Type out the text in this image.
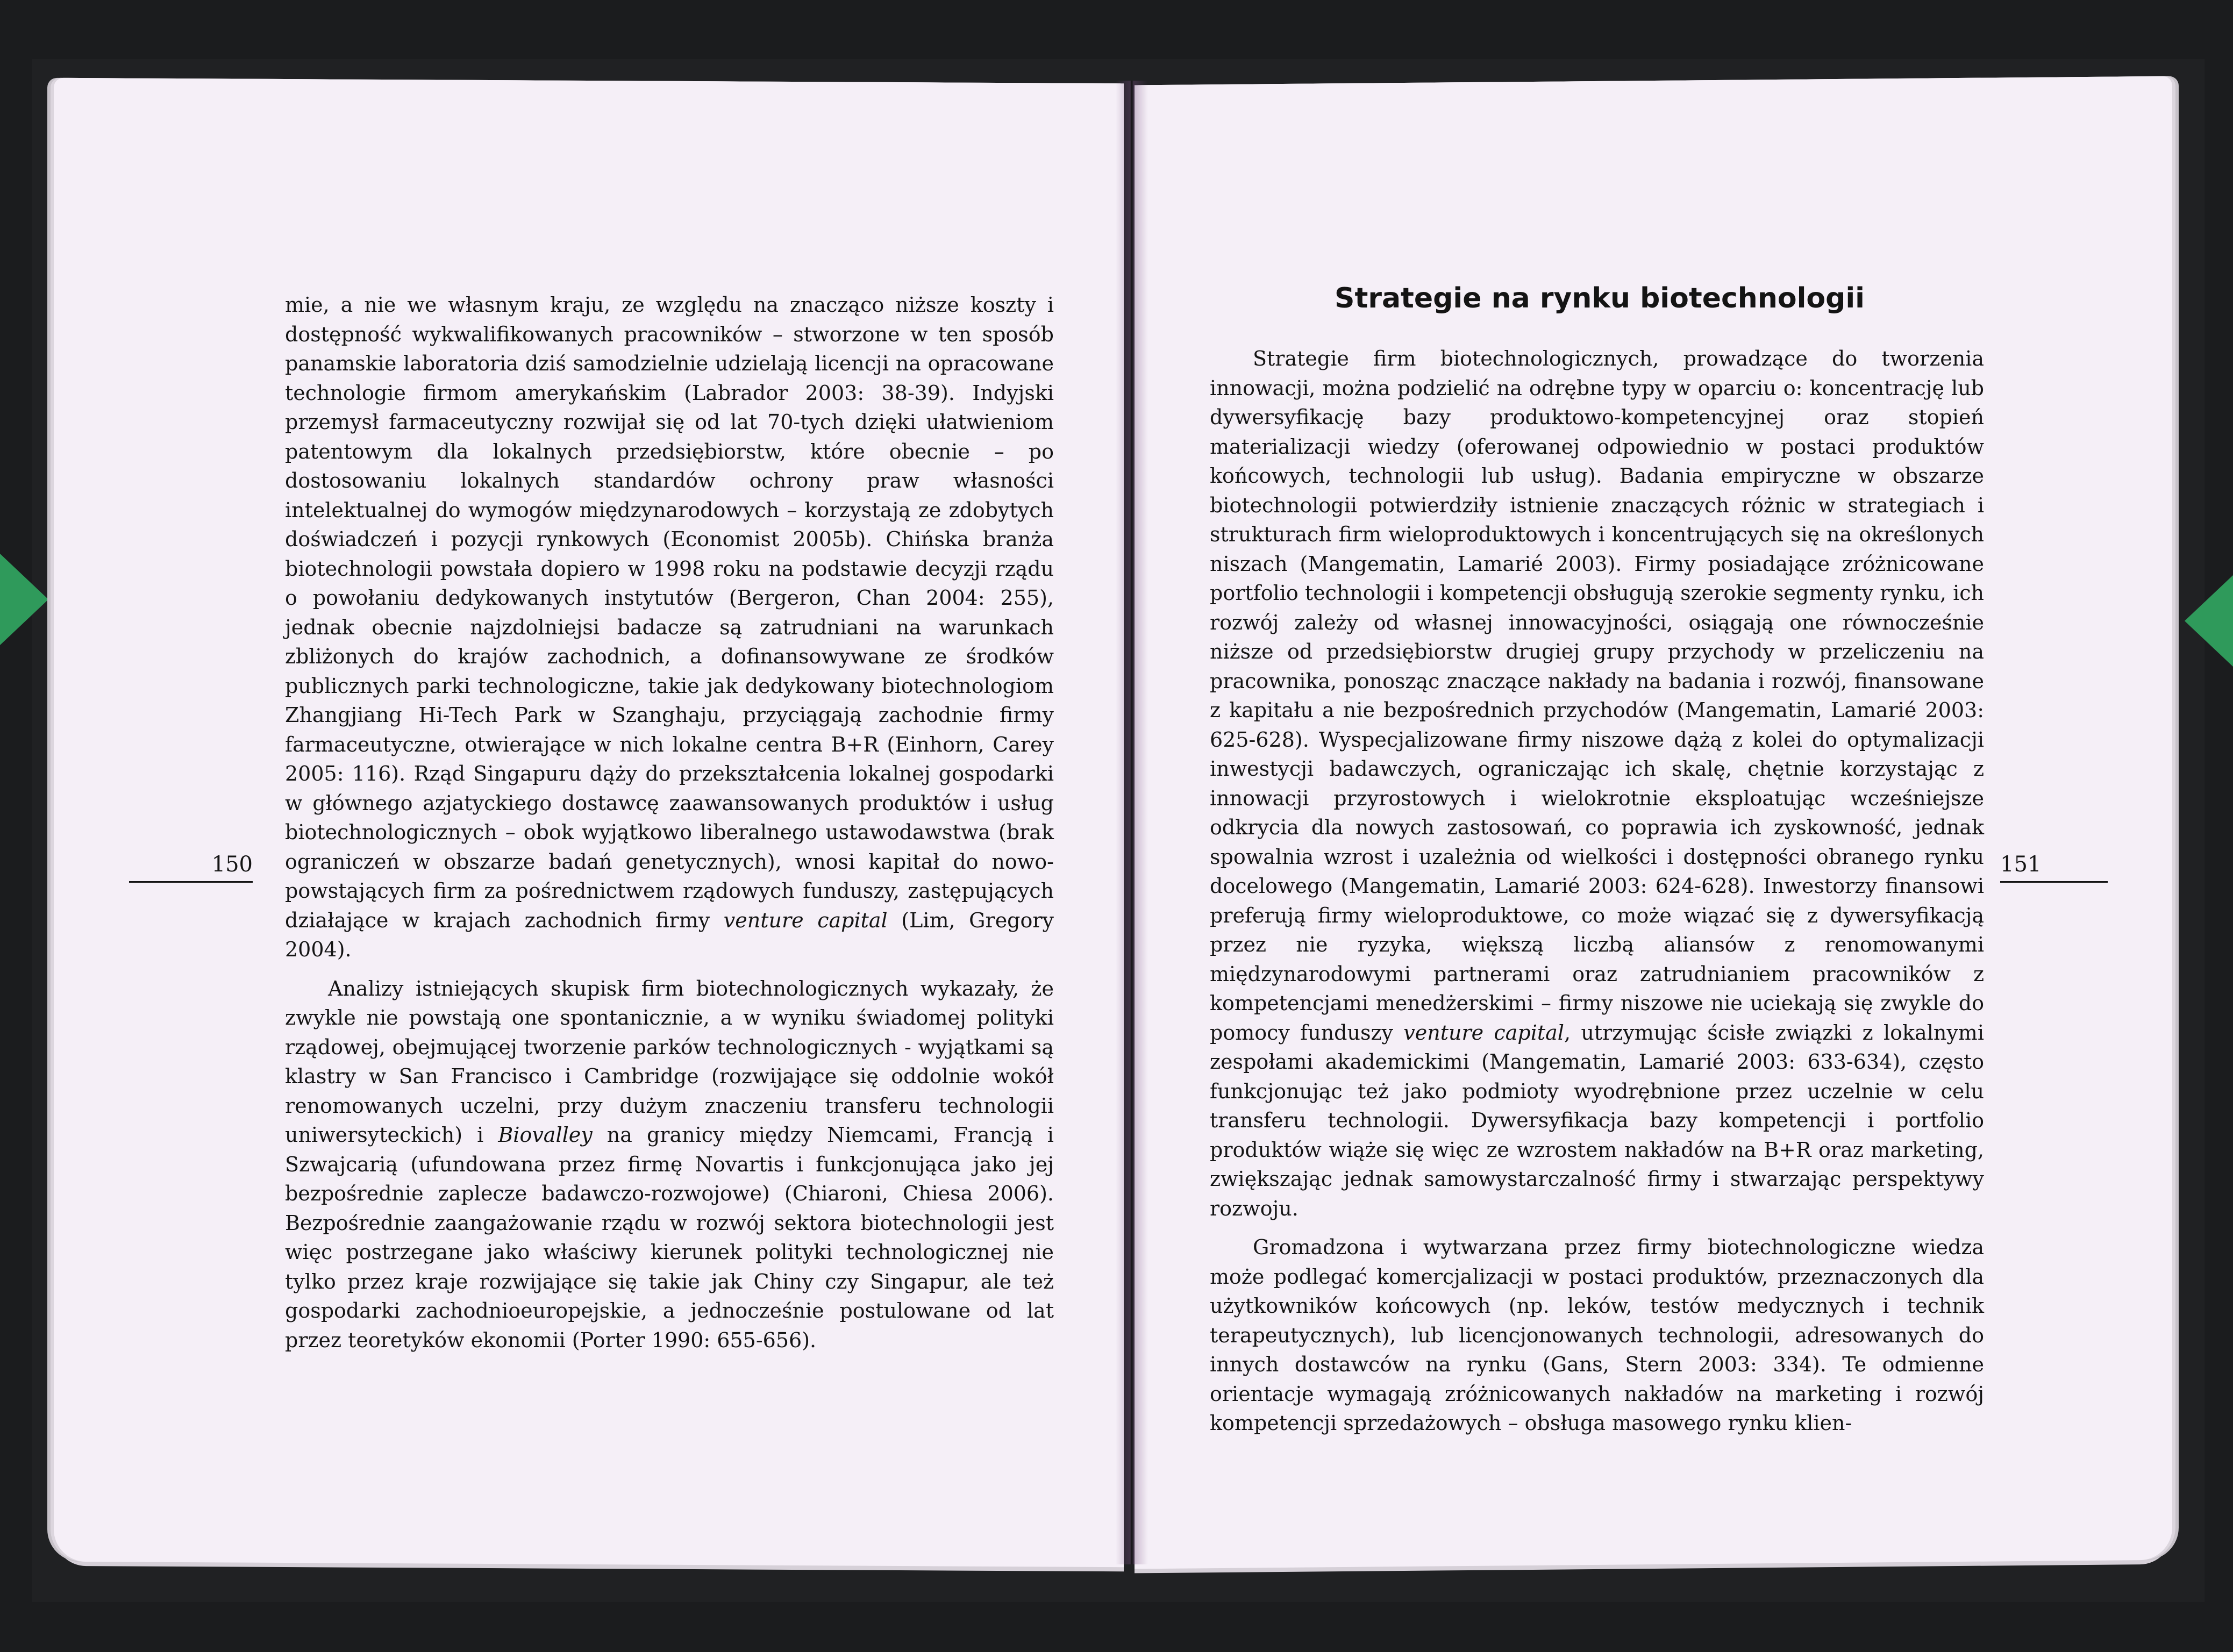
mie, a nie we własnym kraju, ze względu na znacząco niższe koszty i dostępność wykwalifikowanych pracowników – stworzone w ten sposób panamskie laboratoria dziś samodzielnie udzielają licencji na opracowane technologie firmom amerykańskim (Labrador 2003: 38-39). Indyjski przemysł farmaceutyczny rozwijał się od lat 70-tych dzięki ułatwieniom patentowym dla lokalnych przedsiębiorstw, które obecnie – po dostosowaniu lokalnych standardów ochrony praw własności intelektualnej do wymogów międzynarodowych – korzystają ze zdobytych doświadczeń i pozycji rynkowych (Economist 2005b). Chińska branża biotechnologii powstała dopiero w 1998 roku na podstawie decyzji rządu o powołaniu dedykowanych instytutów (Bergeron, Chan 2004: 255), jednak obecnie najzdolniejsi badacze są zatrudniani na warunkach zbliżonych do krajów zachodnich, a dofinansowywane ze środków publicznych parki technologiczne, takie jak dedykowany biotechnologiom Zhangjiang Hi-Tech Park w Szanghaju, przyciągają zachodnie firmy farmaceutyczne, otwierające w nich lokalne centra B+R (Einhorn, Carey 2005: 116). Rząd Singapuru dąży do przekształcenia lokalnej gospodarki w głównego azjatyckiego dostawcę zaawansowanych produktów i usług biotechnologicznych – obok wyjątkowo liberalnego ustawodawstwa (brak ograniczeń w obszarze badań genetycznych), wnosi kapitał do nowo-powstających firm za pośrednictwem rządowych funduszy, zastępujących działające w krajach zachodnich firmy venture capital (Lim, Gregory 2004).

Analizy istniejących skupisk firm biotechnologicznych wykazały, że zwykle nie powstają one spontanicznie, a w wyniku świadomej polityki rządowej, obejmującej tworzenie parków technologicznych - wyjątkami są klastry w San Francisco i Cambridge (rozwijające się oddolnie wokół renomowanych uczelni, przy dużym znaczeniu transferu technologii uniwersyteckich) i Biovalley na granicy między Niemcami, Francją i Szwajcarią (ufundowana przez firmę Novartis i funkcjonująca jako jej bezpośrednie zaplecze badawczo-rozwojowe) (Chiaroni, Chiesa 2006). Bezpośrednie zaangażowanie rządu w rozwój sektora biotechnologii jest więc postrzegane jako właściwy kierunek polityki technologicznej nie tylko przez kraje rozwijające się takie jak Chiny czy Singapur, ale też gospodarki zachodnioeuropejskie, a jednocześnie postulowane od lat przez teoretyków ekonomii (Porter 1990: 655-656).

150
Strategie na rynku biotechnologii

Strategie firm biotechnologicznych, prowadzące do tworzenia innowacji, można podzielić na odrębne typy w oparciu o: koncentrację lub dywersyfikację bazy produktowo-kompetencyjnej oraz stopień materializacji wiedzy (oferowanej odpowiednio w postaci produktów końcowych, technologii lub usług). Badania empiryczne w obszarze biotechnologii potwierdziły istnienie znaczących różnic w strategiach i strukturach firm wieloproduktowych i koncentrujących się na określonych niszach (Mangematin, Lamarié 2003). Firmy posiadające zróżnicowane portfolio technologii i kompetencji obsługują szerokie segmenty rynku, ich rozwój zależy od własnej innowacyjności, osiągają one równocześnie niższe od przedsiębiorstw drugiej grupy przychody w przeliczeniu na pracownika, ponosząc znaczące nakłady na badania i rozwój, finansowane z kapitału a nie bezpośrednich przychodów (Mangematin, Lamarié 2003: 625-628). Wyspecjalizowane firmy niszowe dążą z kolei do optymalizacji inwestycji badawczych, ograniczając ich skalę, chętnie korzystając z innowacji przyrostowych i wielokrotnie eksploatując wcześniejsze odkrycia dla nowych zastosowań, co poprawia ich zyskowność, jednak spowalnia wzrost i uzależnia od wielkości i dostępności obranego rynku docelowego (Mangematin, Lamarié 2003: 624-628). Inwestorzy finansowi preferują firmy wieloproduktowe, co może wiązać się z dywersyfikacją przez nie ryzyka, większą liczbą aliansów z renomowanymi międzynarodowymi partnerami oraz zatrudnianiem pracowników z kompetencjami menedżerskimi – firmy niszowe nie uciekają się zwykle do pomocy funduszy venture capital, utrzymując ścisłe związki z lokalnymi zespołami akademickimi (Mangematin, Lamarié 2003: 633-634), często funkcjonując też jako podmioty wyodrębnione przez uczelnie w celu transferu technologii. Dywersyfikacja bazy kompetencji i portfolio produktów wiąże się więc ze wzrostem nakładów na B+R oraz marketing, zwiększając jednak samowystarczalność firmy i stwarzając perspektywy rozwoju.

Gromadzona i wytwarzana przez firmy biotechnologiczne wiedza może podlegać komercjalizacji w postaci produktów, przeznaczonych dla użytkowników końcowych (np. leków, testów medycznych i technik terapeutycznych), lub licencjonowanych technologii, adresowanych do innych dostawców na rynku (Gans, Stern 2003: 334). Te odmienne orientacje wymagają zróżnicowanych nakładów na marketing i rozwój kompetencji sprzedażowych – obsługa masowego rynku klien-

151
